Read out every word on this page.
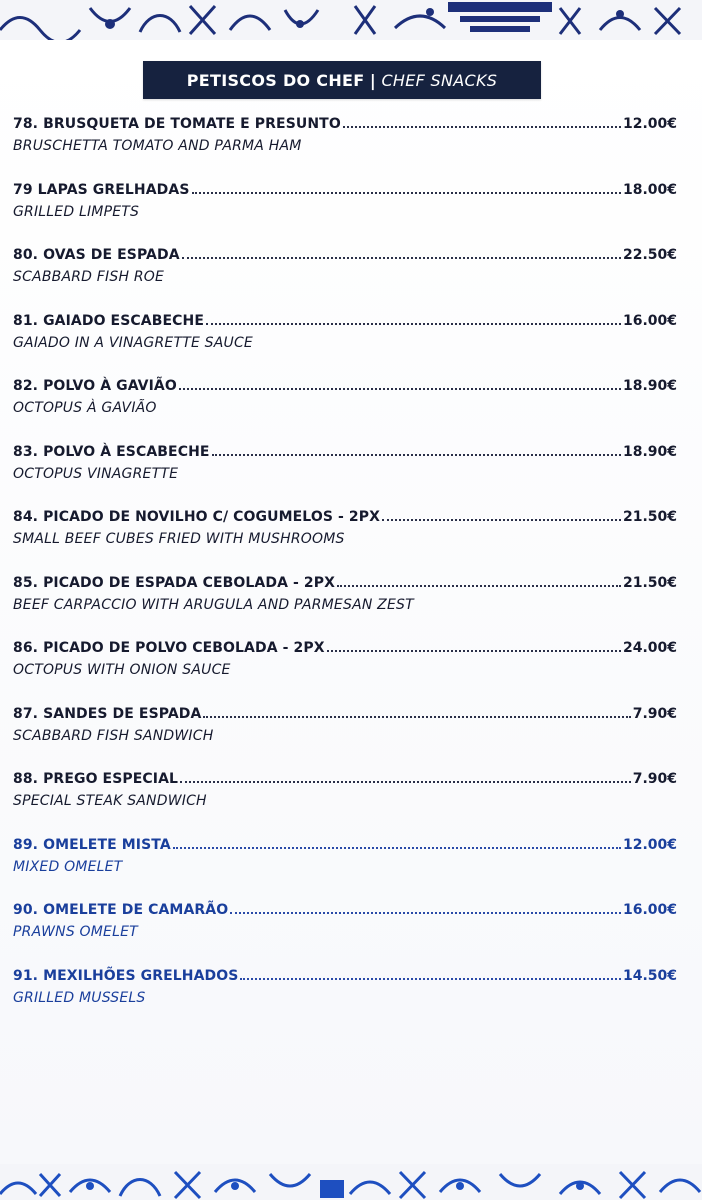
PETISCOS DO CHEF | CHEF SNACKS
78. BRUSQUETA DE TOMATE E PRESUNTO	12.00€
BRUSCHETTA TOMATO AND PARMA HAM
79 LAPAS GRELHADAS	18.00€
GRILLED LIMPETS
80. OVAS DE ESPADA	22.50€
SCABBARD FISH ROE
81. GAIADO ESCABECHE	16.00€
GAIADO IN A VINAGRETTE SAUCE
82. POLVO À GAVIÃO	18.90€
OCTOPUS À GAVIÃO
83. POLVO À ESCABECHE	18.90€
OCTOPUS VINAGRETTE
84. PICADO DE NOVILHO C/ COGUMELOS - 2PX	21.50€
SMALL BEEF CUBES FRIED WITH MUSHROOMS
85. PICADO DE ESPADA CEBOLADA - 2PX	21.50€
BEEF CARPACCIO WITH ARUGULA AND PARMESAN ZEST
86. PICADO DE POLVO CEBOLADA - 2PX	24.00€
OCTOPUS WITH ONION SAUCE
87. SANDES DE ESPADA	7.90€
SCABBARD FISH SANDWICH
88. PREGO ESPECIAL	7.90€
SPECIAL STEAK SANDWICH
89. OMELETE MISTA	12.00€
MIXED OMELET
90. OMELETE DE CAMARÃO	16.00€
PRAWNS OMELET
91. MEXILHÕES GRELHADOS	14.50€
GRILLED MUSSELS
